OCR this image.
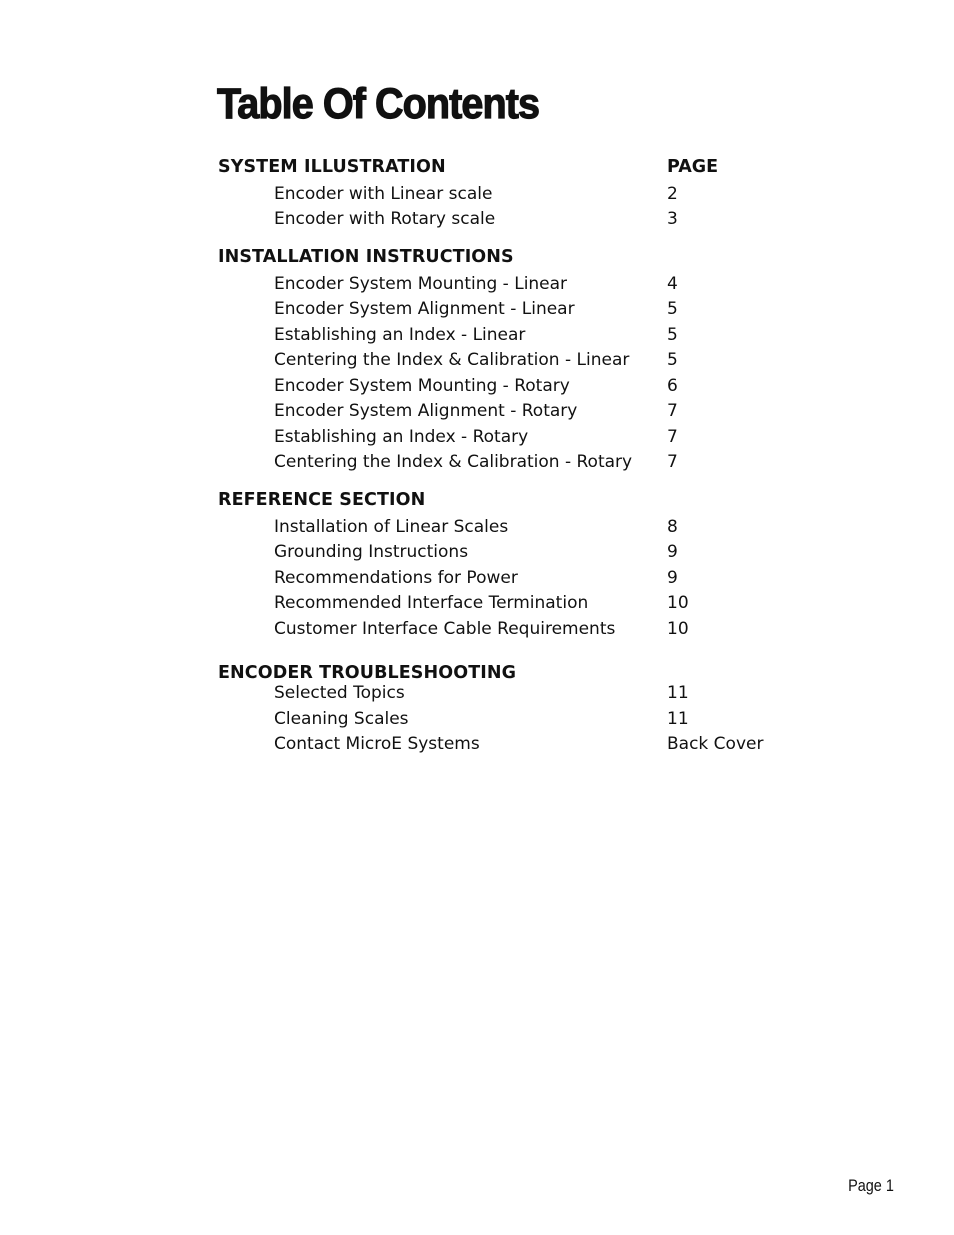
Table Of Contents
SYSTEM ILLUSTRATION	PAGE
Encoder with Linear scale	2
Encoder with Rotary scale	3
INSTALLATION INSTRUCTIONS
Encoder System Mounting - Linear	4
Encoder System Alignment - Linear	5
Establishing an Index - Linear	5
Centering the Index & Calibration - Linear 5
Encoder System Mounting - Rotary	6
Encoder System Alignment - Rotary	7
Establishing an Index - Rotary	7
Centering the Index & Calibration - Rotary 7
REFERENCE SECTION
Installation of Linear Scales	8
Grounding Instructions	9
Recommendations for Power	9
Recommended Interface Termination	10
Customer Interface Cable Requirements	10
ENCODER TROUBLESHOOTING
Selected Topics	11
Cleaning Scales	11
Contact MicroE Systems	Back Cover
Page 1
